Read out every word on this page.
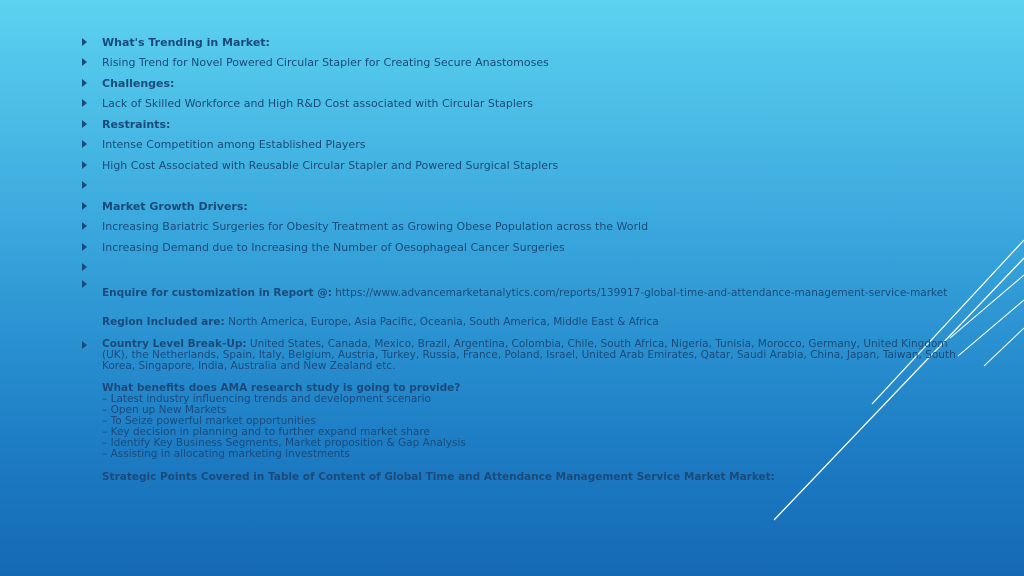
What's Trending in Market:
Rising Trend for Novel Powered Circular Stapler for Creating Secure Anastomoses
Challenges:
Lack of Skilled Workforce and High R&D Cost associated with Circular Staplers
Restraints:
Intense Competition among Established Players
High Cost Associated with Reusable Circular Stapler and Powered Surgical Staplers
Market Growth Drivers:
Increasing Bariatric Surgeries for Obesity Treatment as Growing Obese Population across the World
Increasing Demand due to Increasing the Number of Oesophageal Cancer Surgeries
Enquire for customization in Report @: https://www.advancemarketanalytics.com/reports/139917-global-time-and-attendance-management-service-market
Region Included are: North America, Europe, Asia Pacific, Oceania, South America, Middle East & Africa
Country Level Break-Up: United States, Canada, Mexico, Brazil, Argentina, Colombia, Chile, South Africa, Nigeria, Tunisia, Morocco, Germany, United Kingdom (UK), the Netherlands, Spain, Italy, Belgium, Austria, Turkey, Russia, France, Poland, Israel, United Arab Emirates, Qatar, Saudi Arabia, China, Japan, Taiwan, South Korea, Singapore, India, Australia and New Zealand etc.
What benefits does AMA research study is going to provide?
– Latest industry influencing trends and development scenario
– Open up New Markets
– To Seize powerful market opportunities
– Key decision in planning and to further expand market share
– Identify Key Business Segments, Market proposition & Gap Analysis
– Assisting in allocating marketing investments
Strategic Points Covered in Table of Content of Global Time and Attendance Management Service Market Market:
